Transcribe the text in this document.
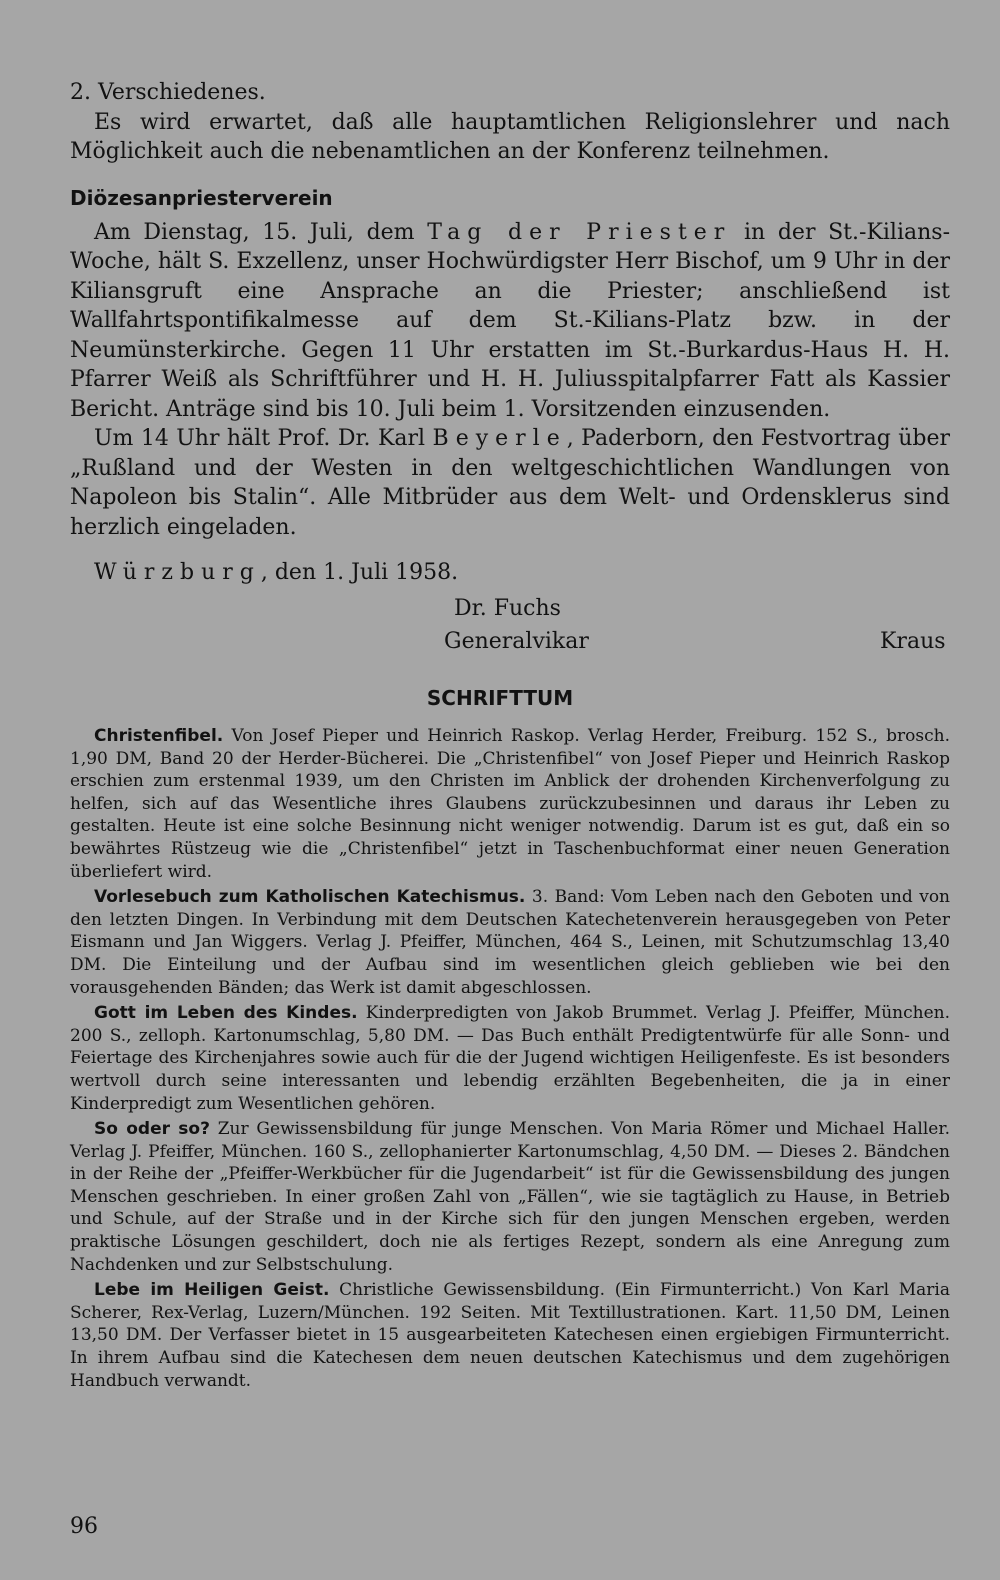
2. Verschiedenes.

Es wird erwartet, daß alle hauptamtlichen Religionslehrer und nach Möglichkeit auch die nebenamtlichen an der Konferenz teilnehmen.

Diözesanpriesterverein

Am Dienstag, 15. Juli, dem Tag der Priester in der St.-Kilians-Woche, hält S. Exzellenz, unser Hochwürdigster Herr Bischof, um 9 Uhr in der Kiliansgruft eine Ansprache an die Priester; anschließend ist Wallfahrtspontifikalmesse auf dem St.-Kilians-Platz bzw. in der Neumünsterkirche. Gegen 11 Uhr erstatten im St.-Burkardus-Haus H. H. Pfarrer Weiß als Schriftführer und H. H. Juliusspitalpfarrer Fatt als Kassier Bericht. Anträge sind bis 10. Juli beim 1. Vorsitzenden einzusenden.

Um 14 Uhr hält Prof. Dr. Karl Beyerle, Paderborn, den Festvortrag über „Rußland und der Westen in den weltgeschichtlichen Wandlungen von Napoleon bis Stalin“. Alle Mitbrüder aus dem Welt- und Ordensklerus sind herzlich eingeladen.

Würzburg, den 1. Juli 1958.
Dr. Fuchs
Generalvikar	Kraus
SCHRIFTTUM

Christenfibel. Von Josef Pieper und Heinrich Raskop. Verlag Herder, Freiburg. 152 S., brosch. 1,90 DM, Band 20 der Herder-Bücherei. Die „Christenfibel“ von Josef Pieper und Heinrich Raskop erschien zum erstenmal 1939, um den Christen im Anblick der drohenden Kirchenverfolgung zu helfen, sich auf das Wesentliche ihres Glaubens zurückzubesinnen und daraus ihr Leben zu gestalten. Heute ist eine solche Besinnung nicht weniger notwendig. Darum ist es gut, daß ein so bewährtes Rüstzeug wie die „Christenfibel“ jetzt in Taschenbuchformat einer neuen Generation überliefert wird.

Vorlesebuch zum Katholischen Katechismus. 3. Band: Vom Leben nach den Geboten und von den letzten Dingen. In Verbindung mit dem Deutschen Katechetenverein herausgegeben von Peter Eismann und Jan Wiggers. Verlag J. Pfeiffer, München, 464 S., Leinen, mit Schutzumschlag 13,40 DM. Die Einteilung und der Aufbau sind im wesentlichen gleich geblieben wie bei den vorausgehenden Bänden; das Werk ist damit abgeschlossen.

Gott im Leben des Kindes. Kinderpredigten von Jakob Brummet. Verlag J. Pfeiffer, München. 200 S., zelloph. Kartonumschlag, 5,80 DM. — Das Buch enthält Predigtentwürfe für alle Sonn- und Feiertage des Kirchenjahres sowie auch für die der Jugend wichtigen Heiligenfeste. Es ist besonders wertvoll durch seine interessanten und lebendig erzählten Begebenheiten, die ja in einer Kinderpredigt zum Wesentlichen gehören.

So oder so? Zur Gewissensbildung für junge Menschen. Von Maria Römer und Michael Haller. Verlag J. Pfeiffer, München. 160 S., zellophanierter Kartonumschlag, 4,50 DM. — Dieses 2. Bändchen in der Reihe der „Pfeiffer-Werkbücher für die Jugendarbeit“ ist für die Gewissensbildung des jungen Menschen geschrieben. In einer großen Zahl von „Fällen“, wie sie tagtäglich zu Hause, in Betrieb und Schule, auf der Straße und in der Kirche sich für den jungen Menschen ergeben, werden praktische Lösungen geschildert, doch nie als fertiges Rezept, sondern als eine Anregung zum Nachdenken und zur Selbstschulung.

Lebe im Heiligen Geist. Christliche Gewissensbildung. (Ein Firmunterricht.) Von Karl Maria Scherer, Rex-Verlag, Luzern/München. 192 Seiten. Mit Textillustrationen. Kart. 11,50 DM, Leinen 13,50 DM. Der Verfasser bietet in 15 ausgearbeiteten Katechesen einen ergiebigen Firmunterricht. In ihrem Aufbau sind die Katechesen dem neuen deutschen Katechismus und dem zugehörigen Handbuch verwandt.

96
